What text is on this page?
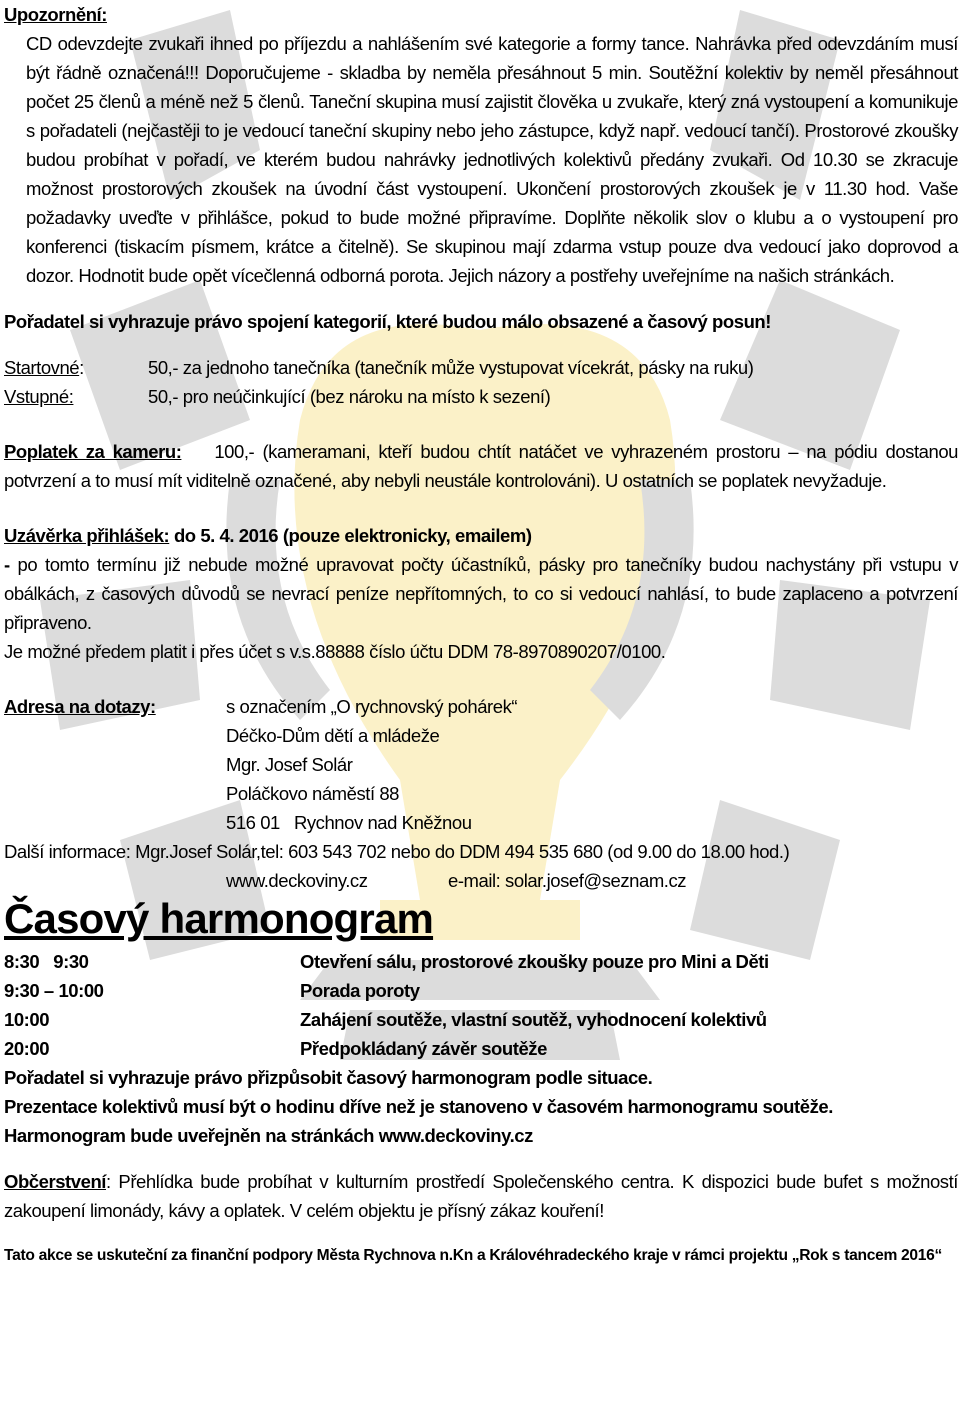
Upozornění:

CD odevzdejte zvukaři ihned po příjezdu a nahlášením své kategorie a formy tance. Nahrávka před odevzdáním musí být řádně označená!!! Doporučujeme - skladba by neměla přesáhnout 5 min. Soutěžní kolektiv by neměl přesáhnout počet 25 členů a méně než 5 členů. Taneční skupina musí zajistit člověka u zvukaře, který zná vystoupení a komunikuje s pořadateli (nejčastěji to je vedoucí taneční skupiny nebo jeho zástupce, když např. vedoucí tančí). Prostorové zkoušky budou probíhat v pořadí, ve kterém budou nahrávky jednotlivých kolektivů předány zvukaři. Od 10.30 se zkracuje možnost prostorových zkoušek na úvodní část vystoupení. Ukončení prostorových zkoušek je v 11.30 hod. Vaše požadavky uveďte v přihlášce, pokud to bude možné připravíme. Doplňte několik slov o klubu a o vystoupení pro konferenci (tiskacím písmem, krátce a čitelně). Se skupinou mají zdarma vstup pouze dva vedoucí jako doprovod a dozor. Hodnotit bude opět vícečlenná odborná porota. Jejich názory a postřehy uveřejníme na našich stránkách.

Pořadatel si vyhrazuje právo spojení kategorií, které budou málo obsazené a časový posun!

Startovné:	50,- za jednoho tanečníka (tanečník může vystupovat vícekrát, pásky na ruku)
Vstupné:	50,- pro neúčinkující (bez nároku na místo k sezení)

Poplatek za kameru: 100,- (kameramani, kteří budou chtít natáčet ve vyhrazeném prostoru – na pódiu dostanou potvrzení a to musí mít viditelně označené, aby nebyli neustále kontrolováni). U ostatních se poplatek nevyžaduje.

Uzávěrka přihlášek: do 5. 4. 2016 (pouze elektronicky, emailem)

- po tomto termínu již nebude možné upravovat počty účastníků, pásky pro tanečníky budou nachystány při vstupu v obálkách, z časových důvodů se nevrací peníze nepřítomných, to co si vedoucí nahlásí, to bude zaplaceno a potvrzení připraveno.

Je možné předem platit i přes účet s v.s.88888 číslo účtu DDM 78-8970890207/0100.

Adresa na dotazy:	s označením „O rychnovský pohárek“
Déčko-Dům dětí a mládeže
Mgr. Josef Solár
Poláčkovo náměstí 88
516 01   Rychnov nad Kněžnou

Další informace: Mgr.Josef Solár,tel: 603 543 702 nebo do DDM 494 535 680 (od 9.00 do 18.00 hod.)

www.deckoviny.cz	e-mail: solar.josef@seznam.cz

Časový harmonogram

8:30   9:30	Otevření sálu, prostorové zkoušky pouze pro Mini a Děti
9:30 – 10:00	Porada poroty
10:00	Zahájení soutěže, vlastní soutěž, vyhodnocení kolektivů
20:00	Předpokládaný závěr soutěže

Pořadatel si vyhrazuje právo přizpůsobit časový harmonogram podle situace.

Prezentace kolektivů musí být o hodinu dříve než je stanoveno v časovém harmonogramu soutěže. Harmonogram bude uveřejněn na stránkách www.deckoviny.cz

Občerstvení: Přehlídka bude probíhat v kulturním prostředí Společenského centra. K dispozici bude bufet s možností zakoupení limonády, kávy a oplatek. V celém objektu je přísný zákaz kouření!

Tato akce se uskuteční za finanční podpory Města Rychnova n.Kn a Královéhradeckého kraje v rámci projektu „Rok s tancem 2016“
